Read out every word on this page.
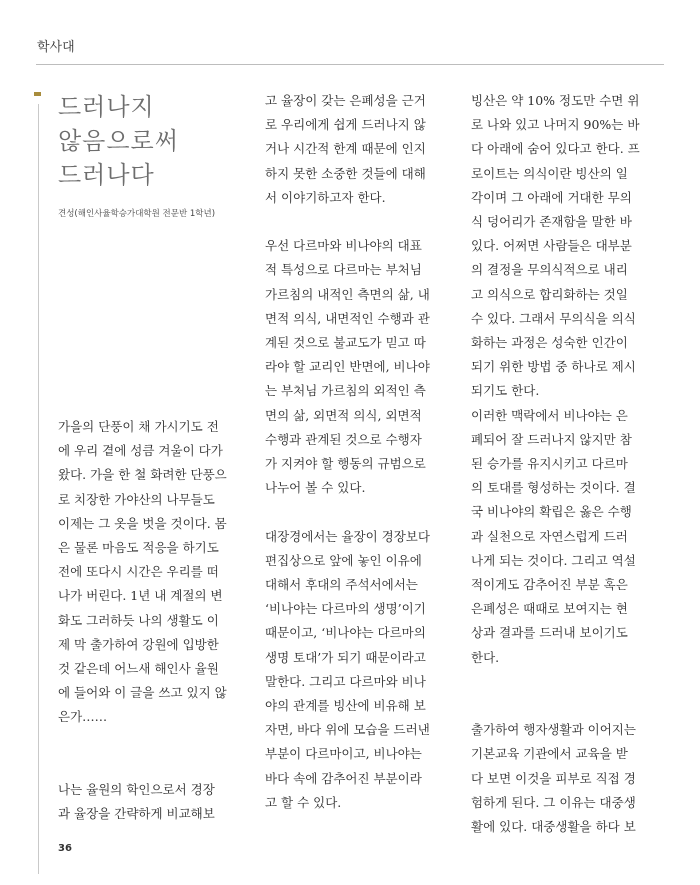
학사대
드러나지
않음으로써
드러나다
견성(해인사율학승가대학원 전문반 1학년)

가을의 단풍이 채 가시기도 전

에 우리 곁에 성큼 겨울이 다가

왔다. 가을 한 철 화려한 단풍으

로 치장한 가야산의 나무들도

이제는 그 옷을 벗을 것이다. 몸

은 물론 마음도 적응을 하기도

전에 또다시 시간은 우리를 떠

나가 버린다. 1년 내 계절의 변

화도 그러하듯 나의 생활도 이

제 막 출가하여 강원에 입방한

것 같은데 어느새 해인사 율원

에 들어와 이 글을 쓰고 있지 않

은가……

나는 율원의 학인으로서 경장

과 율장을 간략하게 비교해보

고 율장이 갖는 은폐성을 근거

로 우리에게 쉽게 드러나지 않

거나 시간적 한계 때문에 인지

하지 못한 소중한 것들에 대해

서 이야기하고자 한다.

우선 다르마와 비나야의 대표

적 특성으로 다르마는 부처님

가르침의 내적인 측면의 삶, 내

면적 의식, 내면적인 수행과 관

계된 것으로 불교도가 믿고 따

라야 할 교리인 반면에, 비나야

는 부처님 가르침의 외적인 측

면의 삶, 외면적 의식, 외면적

수행과 관계된 것으로 수행자

가 지켜야 할 행동의 규범으로

나누어 볼 수 있다.

대장경에서는 율장이 경장보다

편집상으로 앞에 놓인 이유에

대해서 후대의 주석서에서는

‘비나야는 다르마의 생명’이기

때문이고, ‘비나야는 다르마의

생명 토대’가 되기 때문이라고

말한다. 그리고 다르마와 비나

야의 관계를 빙산에 비유해 보

자면, 바다 위에 모습을 드러낸

부분이 다르마이고, 비나야는

바다 속에 감추어진 부분이라

고 할 수 있다.

빙산은 약 10% 정도만 수면 위

로 나와 있고 나머지 90%는 바

다 아래에 숨어 있다고 한다. 프

로이트는 의식이란 빙산의 일

각이며 그 아래에 거대한 무의

식 덩어리가 존재함을 말한 바

있다. 어쩌면 사람들은 대부분

의 결정을 무의식적으로 내리

고 의식으로 합리화하는 것일

수 있다. 그래서 무의식을 의식

화하는 과정은 성숙한 인간이

되기 위한 방법 중 하나로 제시

되기도 한다.

이러한 맥락에서 비나야는 은

폐되어 잘 드러나지 않지만 참

된 승가를 유지시키고 다르마

의 토대를 형성하는 것이다. 결

국 비나야의 확립은 옳은 수행

과 실천으로 자연스럽게 드러

나게 되는 것이다. 그리고 역설

적이게도 감추어진 부분 혹은

은폐성은 때때로 보여지는 현

상과 결과를 드러내 보이기도

한다.

출가하여 행자생활과 이어지는

기본교육 기관에서 교육을 받

다 보면 이것을 피부로 직접 경

험하게 된다. 그 이유는 대중생

활에 있다. 대중생활을 하다 보

36
